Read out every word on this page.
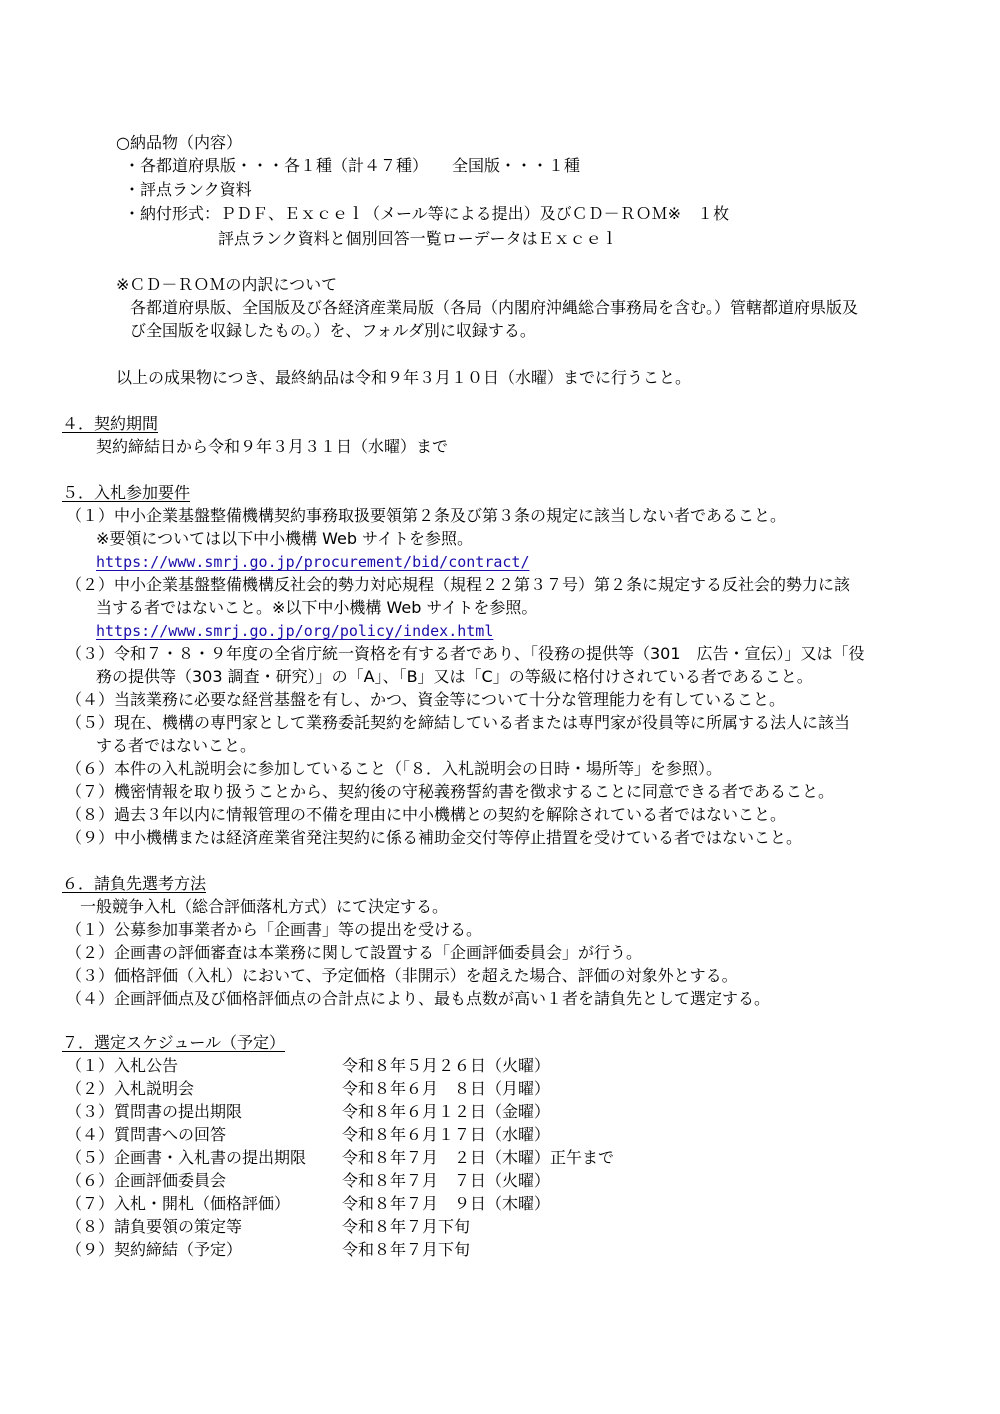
○納品物（内容）
・各都道府県版・・・各１種（計４７種）　　全国版・・・１種
・評点ランク資料
・納付形式：ＰＤＦ、Ｅｘｃｅｌ（メール等による提出）及びＣＤ－ＲＯＭ※　１枚
評点ランク資料と個別回答一覧ローデータはＥｘｃｅｌ
※ＣＤ－ＲＯＭの内訳について
各都道府県版、全国版及び各経済産業局版（各局（内閣府沖縄総合事務局を含む。）管轄都道府県版及
び全国版を収録したもの。）を、フォルダ別に収録する。
以上の成果物につき、最終納品は令和９年３月１０日（水曜）までに行うこと。
４．契約期間
契約締結日から令和９年３月３１日（水曜）まで
５．入札参加要件
（１）中小企業基盤整備機構契約事務取扱要領第２条及び第３条の規定に該当しない者であること。
※要領については以下中小機構 Web サイトを参照。
https://www.smrj.go.jp/procurement/bid/contract/
（２）中小企業基盤整備機構反社会的勢力対応規程（規程２２第３７号）第２条に規定する反社会的勢力に該
当する者ではないこと。※以下中小機構 Web サイトを参照。
https://www.smrj.go.jp/org/policy/index.html
（３）令和７・８・９年度の全省庁統一資格を有する者であり、「役務の提供等（301　広告・宣伝）」又は「役
務の提供等（303 調査・研究）」の「A」、「B」又は「C」の等級に格付けされている者であること。
（４）当該業務に必要な経営基盤を有し、かつ、資金等について十分な管理能力を有していること。
（５）現在、機構の専門家として業務委託契約を締結している者または専門家が役員等に所属する法人に該当
する者ではないこと。
（６）本件の入札説明会に参加していること（「８．入札説明会の日時・場所等」を参照）。
（７）機密情報を取り扱うことから、契約後の守秘義務誓約書を徴求することに同意できる者であること。
（８）過去３年以内に情報管理の不備を理由に中小機構との契約を解除されている者ではないこと。
（９）中小機構または経済産業省発注契約に係る補助金交付等停止措置を受けている者ではないこと。
６．請負先選考方法
一般競争入札（総合評価落札方式）にて決定する。
（１）公募参加事業者から「企画書」等の提出を受ける。
（２）企画書の評価審査は本業務に関して設置する「企画評価委員会」が行う。
（３）価格評価（入札）において、予定価格（非開示）を超えた場合、評価の対象外とする。
（４）企画評価点及び価格評価点の合計点により、最も点数が高い１者を請負先として選定する。
７．選定スケジュール（予定）
（１）入札公告	令和８年５月２６日（火曜）
（２）入札説明会	令和８年６月　８日（月曜）
（３）質問書の提出期限	令和８年６月１２日（金曜）
（４）質問書への回答	令和８年６月１７日（水曜）
（５）企画書・入札書の提出期限 令和８年７月　２日（木曜）正午まで
（６）企画評価委員会	令和８年７月　７日（火曜）
（７）入札・開札（価格評価）	令和８年７月　９日（木曜）
（８）請負要領の策定等	令和８年７月下旬
（９）契約締結（予定）	令和８年７月下旬
